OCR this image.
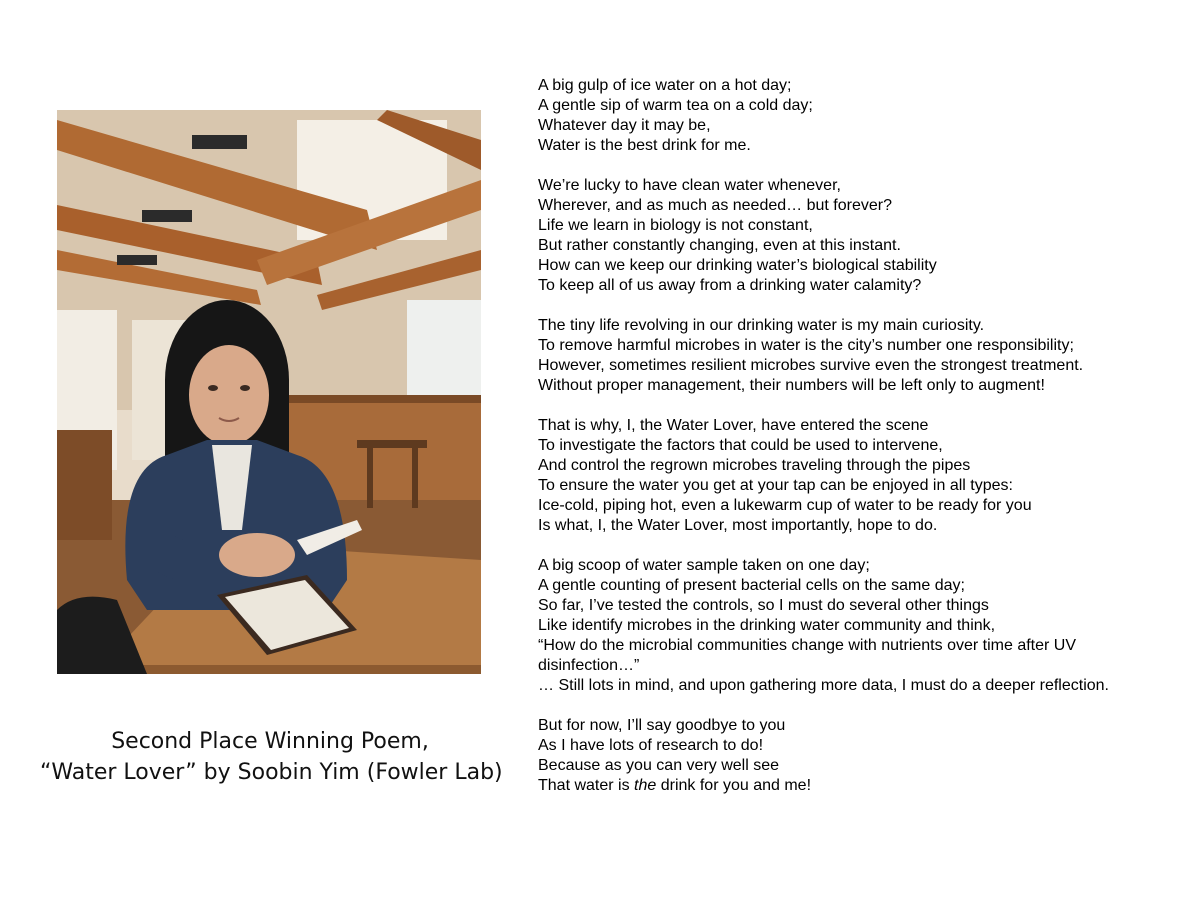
Second Place Winning Poem,
“Water Lover” by Soobin Yim (Fowler Lab)
A big gulp of ice water on a hot day;
A gentle sip of warm tea on a cold day;
Whatever day it may be,
Water is the best drink for me.
We’re lucky to have clean water whenever,
Wherever, and as much as needed… but forever?
Life we learn in biology is not constant,
But rather constantly changing, even at this instant.
How can we keep our drinking water’s biological stability
To keep all of us away from a drinking water calamity?
The tiny life revolving in our drinking water is my main curiosity.
To remove harmful microbes in water is the city’s number one responsibility;
However, sometimes resilient microbes survive even the strongest treatment.
Without proper management, their numbers will be left only to augment!
That is why, I, the Water Lover, have entered the scene
To investigate the factors that could be used to intervene,
And control the regrown microbes traveling through the pipes
To ensure the water you get at your tap can be enjoyed in all types:
Ice-cold, piping hot, even a lukewarm cup of water to be ready for you
Is what, I, the Water Lover, most importantly, hope to do.
A big scoop of water sample taken on one day;
A gentle counting of present bacterial cells on the same day;
So far, I’ve tested the controls, so I must do several other things
Like identify microbes in the drinking water community and think,
“How do the microbial communities change with nutrients over time after UV
disinfection…”
… Still lots in mind, and upon gathering more data, I must do a deeper reflection.
But for now, I’ll say goodbye to you
As I have lots of research to do!
Because as you can very well see
That water is the drink for you and me!
